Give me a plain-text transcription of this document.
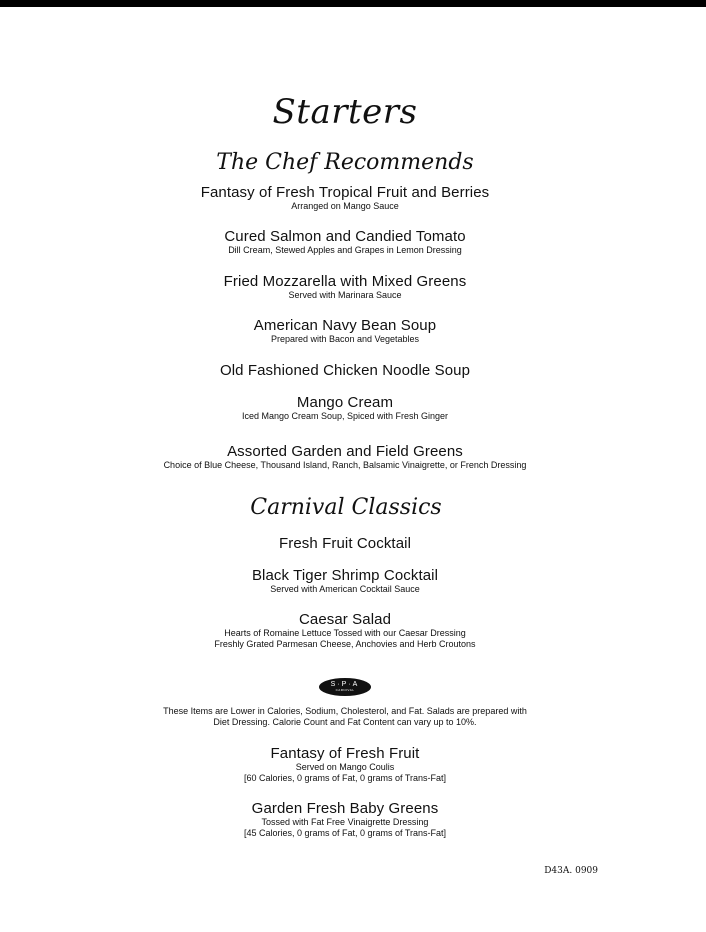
Starters
The Chef Recommends
Fantasy of Fresh Tropical Fruit and Berries
Arranged on Mango Sauce
Cured Salmon and Candied Tomato
Dill Cream, Stewed Apples and Grapes in Lemon Dressing
Fried Mozzarella with Mixed Greens
Served with Marinara Sauce
American Navy Bean Soup
Prepared with Bacon and Vegetables
Old Fashioned Chicken Noodle Soup
Mango Cream
Iced Mango Cream Soup, Spiced with Fresh Ginger
Assorted Garden and Field Greens
Choice of Blue Cheese, Thousand Island, Ranch, Balsamic Vinaigrette, or French Dressing
Carnival Classics
Fresh Fruit Cocktail
Black Tiger Shrimp Cocktail
Served with American Cocktail Sauce
Caesar Salad
Hearts of Romaine Lettuce Tossed with our Caesar Dressing
Freshly Grated Parmesan Cheese, Anchovies and Herb Croutons
S·P·A
CARNIVAL
These Items are Lower in Calories, Sodium, Cholesterol, and Fat. Salads are prepared with
Diet Dressing. Calorie Count and Fat Content can vary up to 10%.
Fantasy of Fresh Fruit
Served on Mango Coulis
[60 Calories, 0 grams of Fat, 0 grams of Trans-Fat]
Garden Fresh Baby Greens
Tossed with Fat Free Vinaigrette Dressing
[45 Calories, 0 grams of Fat, 0 grams of Trans-Fat]
D43A. 0909
